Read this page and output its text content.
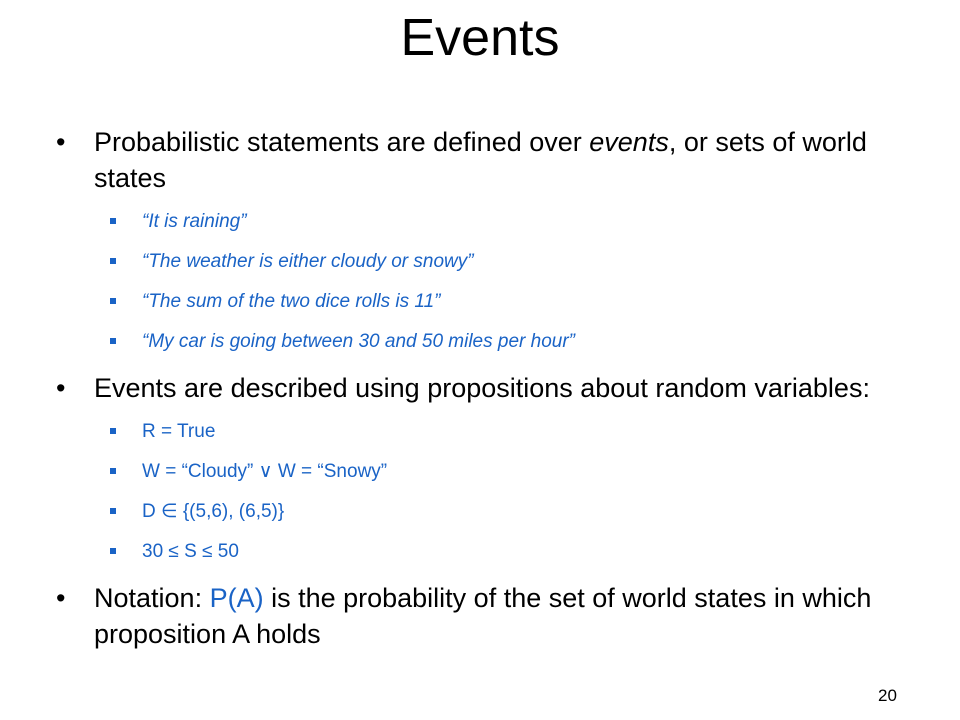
Events
• Probabilistic statements are defined over events, or sets of world states
“It is raining”
“The weather is either cloudy or snowy”
“The sum of the two dice rolls is 11”
“My car is going between 30 and 50 miles per hour”
• Events are described using propositions about random variables:
R = True
W = “Cloudy” ∨ W = “Snowy”
D ∈ {(5,6), (6,5)}
30 ≤ S ≤ 50
• Notation: P(A) is the probability of the set of world states in which proposition A holds
20
